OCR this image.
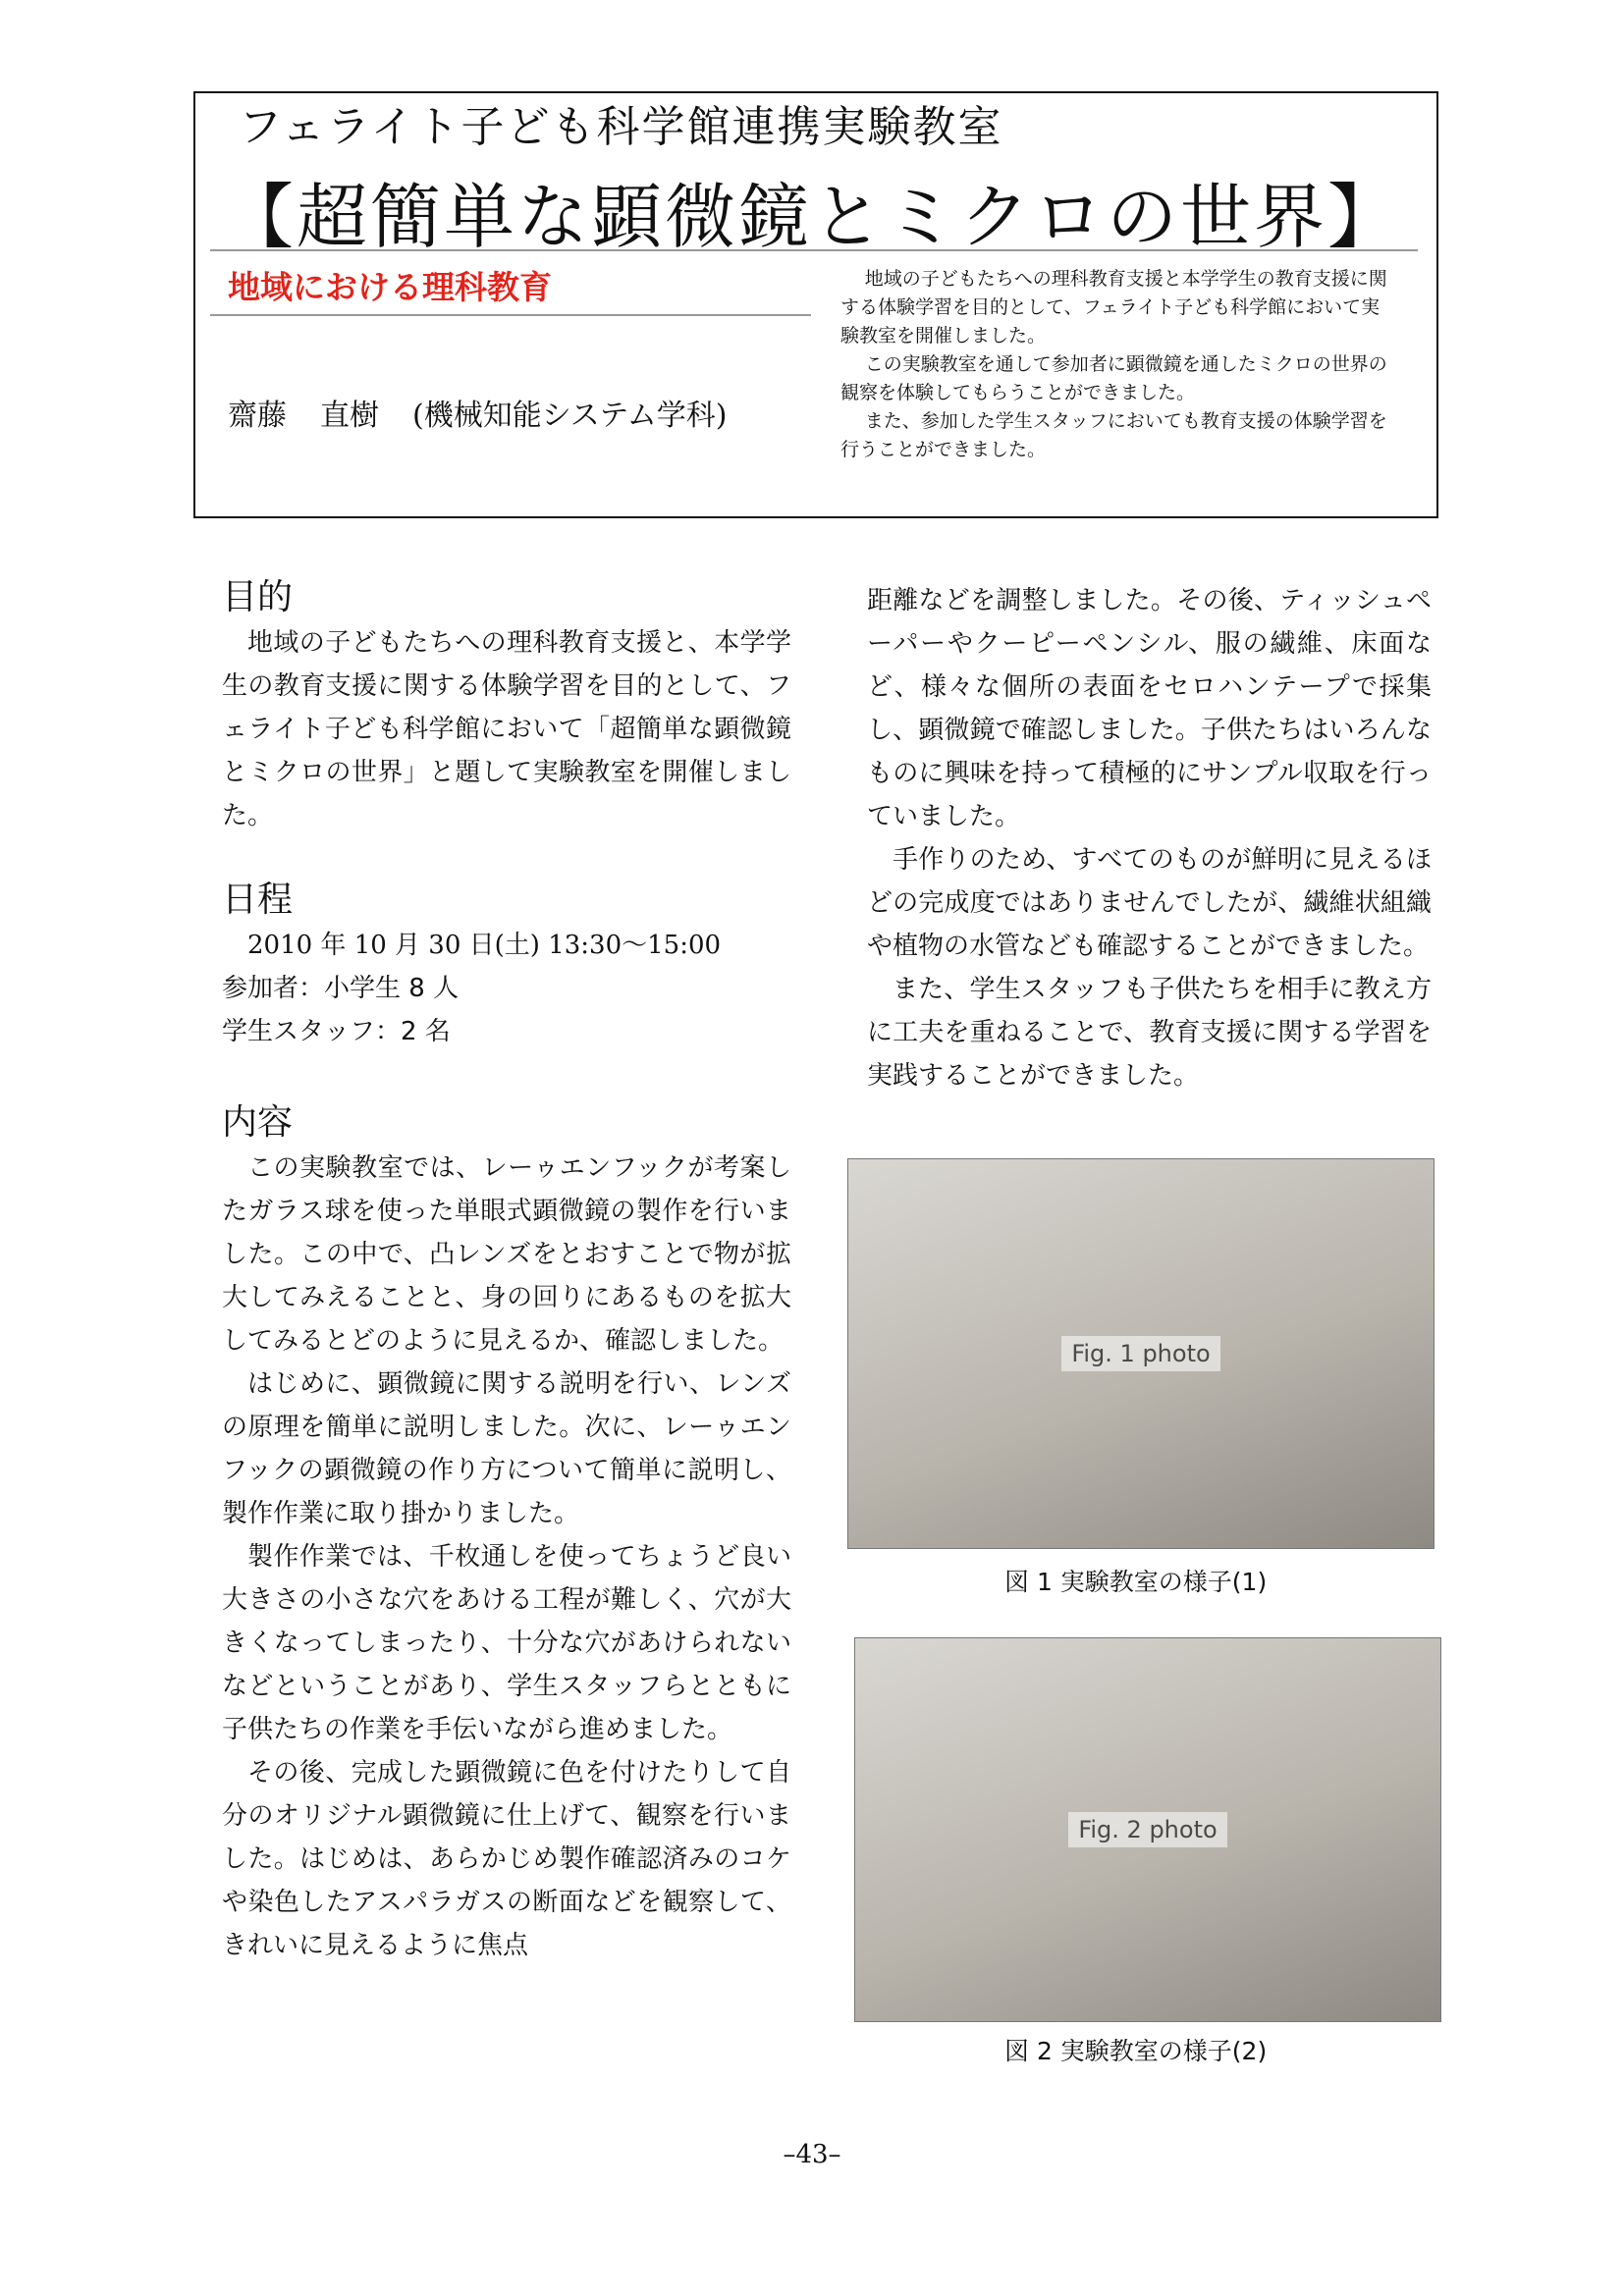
フェライト子ども科学館連携実験教室
【超簡単な顕微鏡とミクロの世界】
地域における理科教育
齋藤 直樹 (機械知能システム学科)

地域の子どもたちへの理科教育支援と本学学生の教育支援に関する体験学習を目的として、フェライト子ども科学館において実験教室を開催しました。

この実験教室を通して参加者に顕微鏡を通したミクロの世界の観察を体験してもらうことができました。

また、参加した学生スタッフにおいても教育支援の体験学習を行うことができました。

目的

地域の子どもたちへの理科教育支援と、本学学生の教育支援に関する体験学習を目的として、フェライト子ども科学館において「超簡単な顕微鏡とミクロの世界」と題して実験教室を開催しました。

日程

2010 年 10 月 30 日(土) 13:30〜15:00

参加者：小学生 8 人

学生スタッフ：2 名

内容

この実験教室では、レーゥエンフックが考案したガラス球を使った単眼式顕微鏡の製作を行いました。この中で、凸レンズをとおすことで物が拡大してみえることと、身の回りにあるものを拡大してみるとどのように見えるか、確認しました。

はじめに、顕微鏡に関する説明を行い、レンズの原理を簡単に説明しました。次に、レーゥエンフックの顕微鏡の作り方について簡単に説明し、製作作業に取り掛かりました。

製作作業では、千枚通しを使ってちょうど良い大きさの小さな穴をあける工程が難しく、穴が大きくなってしまったり、十分な穴があけられないなどということがあり、学生スタッフらとともに子供たちの作業を手伝いながら進めました。

その後、完成した顕微鏡に色を付けたりして自分のオリジナル顕微鏡に仕上げて、観察を行いました。はじめは、あらかじめ製作確認済みのコケや染色したアスパラガスの断面などを観察して、きれいに見えるように焦点

距離などを調整しました。その後、ティッシュペーパーやクーピーペンシル、服の繊維、床面など、様々な個所の表面をセロハンテープで採集し、顕微鏡で確認しました。子供たちはいろんなものに興味を持って積極的にサンプル収取を行っていました。

手作りのため、すべてのものが鮮明に見えるほどの完成度ではありませんでしたが、繊維状組織や植物の水管なども確認することができました。

また、学生スタッフも子供たちを相手に教え方に工夫を重ねることで、教育支援に関する学習を実践することができました。

Fig. 1 photo
図 1 実験教室の様子(1)
Fig. 2 photo
図 2 実験教室の様子(2)
–43–
